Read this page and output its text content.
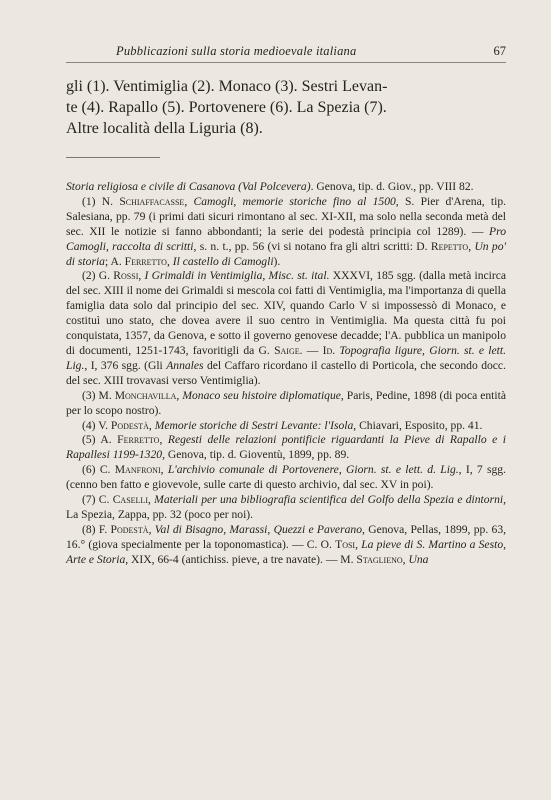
Pubblicazioni sulla storia medioevale italiana	67

gli (1). Ventimiglia (2). Monaco (3). Sestri Levan-
te (4). Rapallo (5). Portovenere (6). La Spezia (7).
Altre località della Liguria (8).

Storia religiosa e civile di Casanova (Val Polcevera). Genova, tip. d. Giov., pp. VIII 82.

(1) N. Schiaffacasse, Camogli, memorie storiche fino al 1500, S. Pier d'Arena, tip. Salesiana, pp. 79 (i primi dati sicuri rimontano al sec. XI-XII, ma solo nella seconda metà del sec. XII le notizie si fanno abbondanti; la serie dei podestà principia col 1289). — Pro Camogli, raccolta di scritti, s. n. t., pp. 56 (vi si notano fra gli altri scritti: D. Repetto, Un po' di storia; A. Ferretto, Il castello di Camogli).

(2) G. Rossi, I Grimaldi in Ventimiglia, Misc. st. ital. XXXVI, 185 sgg. (dalla metà incirca del sec. XIII il nome dei Grimaldi si mescola coi fatti di Ventimiglia, ma l'importanza di quella famiglia data solo dal principio del sec. XIV, quando Carlo V si impossessò di Monaco, e costituì uno stato, che dovea avere il suo centro in Ventimiglia. Ma questa città fu poi conquistata, 1357, da Genova, e sotto il governo genovese decadde; l'A. pubblica un manipolo di documenti, 1251-1743, favoritigli da G. Saige. — Id. Topografia ligure, Giorn. st. e lett. Lig., I, 376 sgg. (Gli Annales del Caffaro ricordano il castello di Porticola, che secondo docc. del sec. XIII trovavasi verso Ventimiglia).

(3) M. Monchavilla, Monaco seu histoire diplomatique, Paris, Pedine, 1898 (di poca entità per lo scopo nostro).

(4) V. Podestà, Memorie storiche di Sestri Levante: l'Isola, Chiavari, Esposito, pp. 41.

(5) A. Ferretto, Regesti delle relazioni pontificie riguardanti la Pieve di Rapallo e i Rapallesi 1199-1320, Genova, tip. d. Gioventù, 1899, pp. 89.

(6) C. Manfroni, L'archivio comunale di Portovenere, Giorn. st. e lett. d. Lig., I, 7 sgg. (cenno ben fatto e giovevole, sulle carte di questo archivio, dal sec. XV in poi).

(7) C. Caselli, Materiali per una bibliografia scientifica del Golfo della Spezia e dintorni, La Spezia, Zappa, pp. 32 (poco per noi).

(8) F. Podestà, Val di Bisagno, Marassi, Quezzi e Paverano, Genova, Pellas, 1899, pp. 63, 16.° (giova specialmente per la toponomastica). — C. O. Tosi, La pieve di S. Martino a Sesto, Arte e Storia, XIX, 66-4 (antichiss. pieve, a tre navate). — M. Staglieno, Una
